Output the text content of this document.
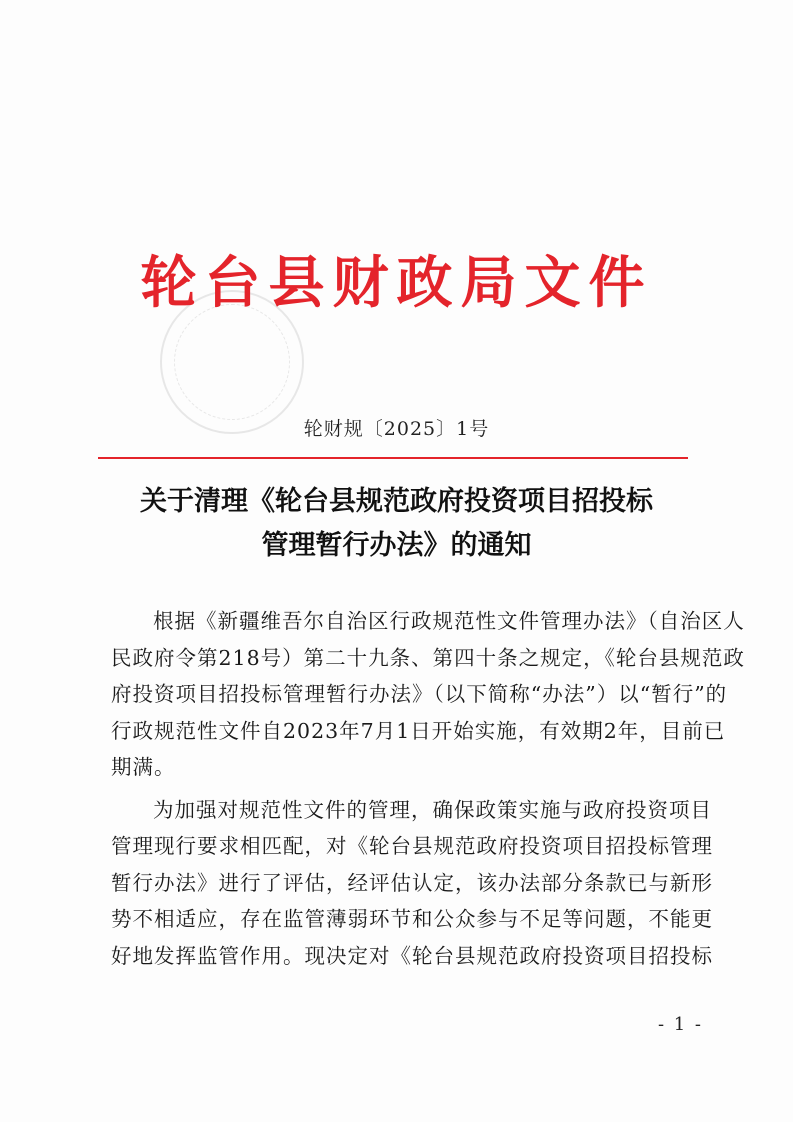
轮台县财政局文件
轮财规〔2025〕1号
关于清理《轮台县规范政府投资项目招投标
管理暂行办法》的通知
根据《新疆维吾尔自治区行政规范性文件管理办法》（自治区人
民政府令第218号）第二十九条、第四十条之规定，《轮台县规范政
府投资项目招投标管理暂行办法》（以下简称“办法”）以“暂行”的
行政规范性文件自2023年7月1日开始实施，有效期2年，目前已
期满。
为加强对规范性文件的管理，确保政策实施与政府投资项目
管理现行要求相匹配，对《轮台县规范政府投资项目招投标管理
暂行办法》进行了评估，经评估认定，该办法部分条款已与新形
势不相适应，存在监管薄弱环节和公众参与不足等问题，不能更
好地发挥监管作用。现决定对《轮台县规范政府投资项目招投标
- 1 -
